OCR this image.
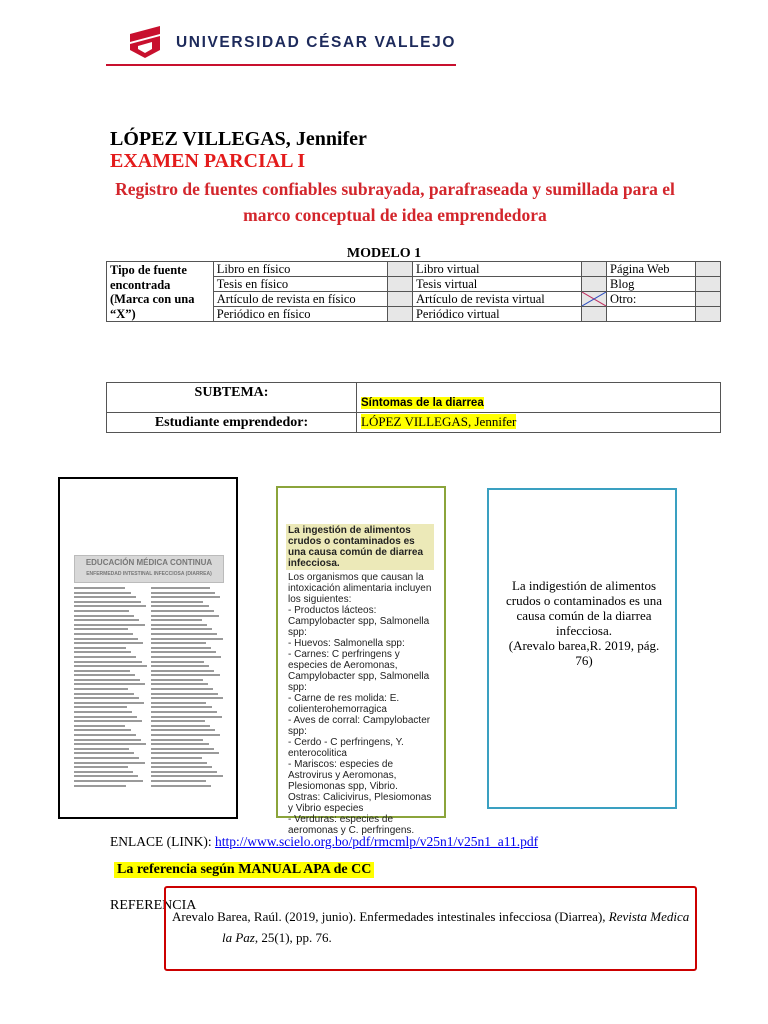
UNIVERSIDAD CÉSAR VALLEJO
LÓPEZ VILLEGAS, Jennifer
EXAMEN PARCIAL I
Registro de fuentes confiables subrayada, parafraseada y sumillada para el marco conceptual de idea emprendedora
MODELO 1
Tipo de fuente encontrada (Marca con una “X”)	Libro en físico		Libro virtual		Página Web	
	Tesis en físico		Tesis virtual		Blog	
	Artículo de revista en físico		Artículo de revista virtual		Otro:	
	Periódico en físico		Periódico virtual			
SUBTEMA:	Síntomas de la diarrea
Estudiante emprendedor:	LÓPEZ VILLEGAS, Jennifer
EDUCACIÓN MÉDICA CONTINUA
ENFERMEDAD INTESTINAL INFECCIOSA (DIARREA)
La ingestión de alimentos crudos o contaminados es una causa común de diarrea infecciosa.
Los organismos que causan la intoxicación alimentaria incluyen los siguientes:
- Productos lácteos: Campylobacter spp, Salmonella spp:
- Huevos: Salmonella spp:
- Carnes: C perfringens y especies de Aeromonas, Campylobacter spp, Salmonella spp:
- Carne de res molida: E. colienterohemorragica
- Aves de corral: Campylobacter spp:
- Cerdo - C perfringens, Y. enterocolitica
- Mariscos: especies de Astrovirus y Aeromonas, Plesiomonas spp, Vibrio.
Ostras: Calicivirus, Plesiomonas y Vibrio especies
- Verduras: especies de aeromonas y C. perfringens.
La indigestión de alimentos crudos o contaminados es una causa común de la diarrea infecciosa.
(Arevalo barea,R. 2019, pág. 76)
ENLACE (LINK): http://www.scielo.org.bo/pdf/rmcmlp/v25n1/v25n1_a11.pdf
La referencia según MANUAL APA de CC
REFERENCIA
Arevalo Barea, Raúl. (2019, junio). Enfermedades intestinales infecciosa (Diarrea), Revista Medica
la Paz, 25(1), pp. 76.
